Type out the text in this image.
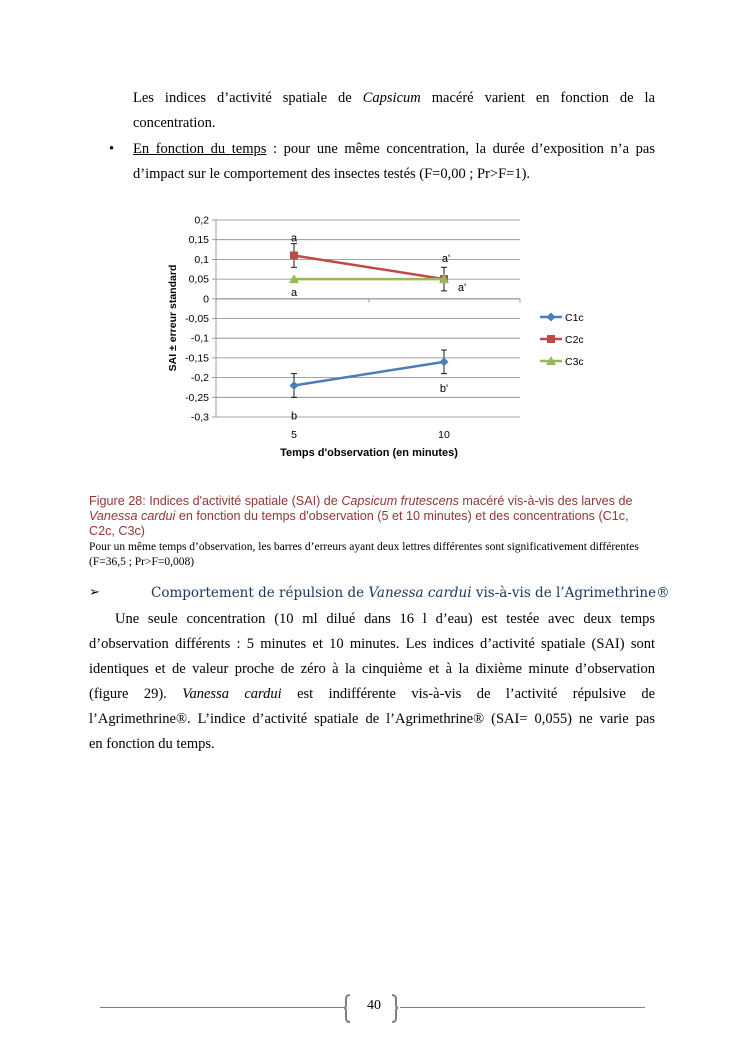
Les indices d’activité spatiale de Capsicum macéré varient en fonction de la
concentration.
• En fonction du temps : pour une même concentration, la durée d’exposition n’a pas
d’impact sur le comportement des insectes testés (F=0,00 ; Pr>F=1).
0,2
0,15
0,1
0,05
0
-0,05
-0,1
-0,15
-0,2
-0,25
-0,3
5	10
b
b'
a
a'
a	a'
C1c
C2c
C3c
SAI ± erreur standard
Temps d'observation (en minutes)
Figure 28: Indices d'activité spatiale (SAI) de Capsicum frutescens macéré vis-à-vis des larves de Vanessa cardui en fonction du temps d'observation (5 et 10 minutes) et des concentrations (C1c, C2c, C3c)
Pour un même temps d’observation, les barres d’erreurs ayant deux lettres différentes sont significativement différentes (F=36,5 ; Pr>F=0,008)
➢	Comportement de répulsion de Vanessa cardui vis-à-vis de l’Agrimethrine®
Une seule concentration (10 ml dilué dans 16 l d’eau) est testée avec deux temps
d’observation différents : 5 minutes et 10 minutes. Les indices d’activité spatiale (SAI) sont
identiques et de valeur proche de zéro à la cinquième et à la dixième minute d’observation
(figure 29). Vanessa cardui est indifférente vis-à-vis de l’activité répulsive de
l’Agrimethrine®. L’indice d’activité spatiale de l’Agrimethrine® (SAI= 0,055) ne varie pas
en fonction du temps.
40
